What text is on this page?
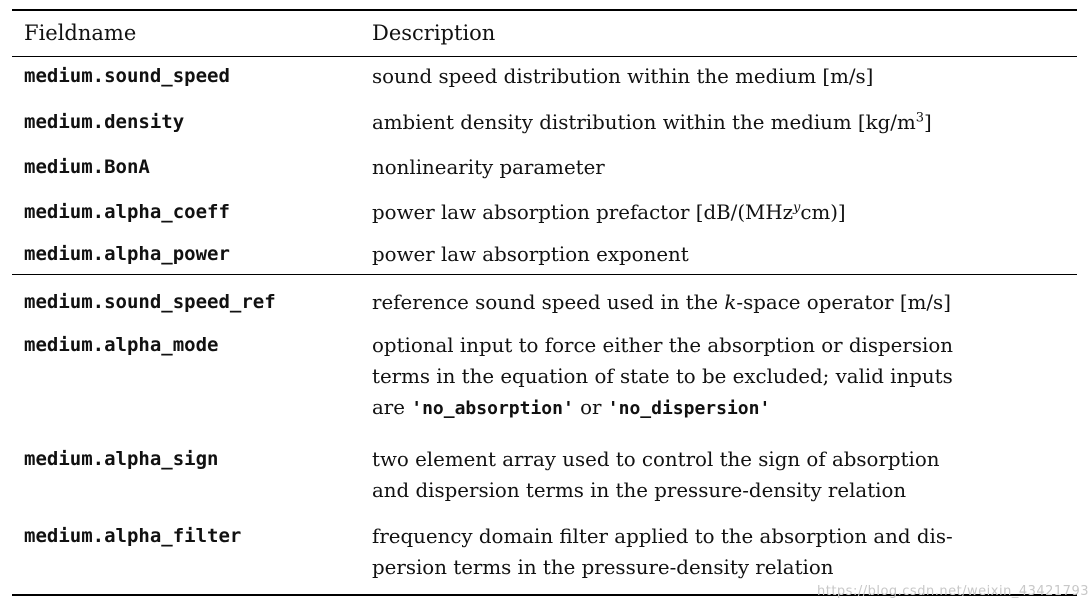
Fieldname	Description
medium.sound_speed	sound speed distribution within the medium [m/s]
medium.density	ambient density distribution within the medium $[kg/m^3]$
medium.BonA	nonlinearity parameter
medium.alpha_coeff	power law absorption prefactor [dB/(MHz$^y$cm)]
medium.alpha_power	power law absorption exponent
medium.sound_speed_ref	reference sound speed used in the k-space operator [m/s]
medium.alpha_mode	optional input to force either the absorption or dispersion
terms in the equation of state to be excluded; valid inputs
are 'no_absorption' or 'no_dispersion'
medium.alpha_sign	two element array used to control the sign of absorption
and dispersion terms in the pressure-density relation
medium.alpha_filter	frequency domain filter applied to the absorption and dis-
persion terms in the pressure-density relation
https://blog.csdn.net/weixin_43421793
